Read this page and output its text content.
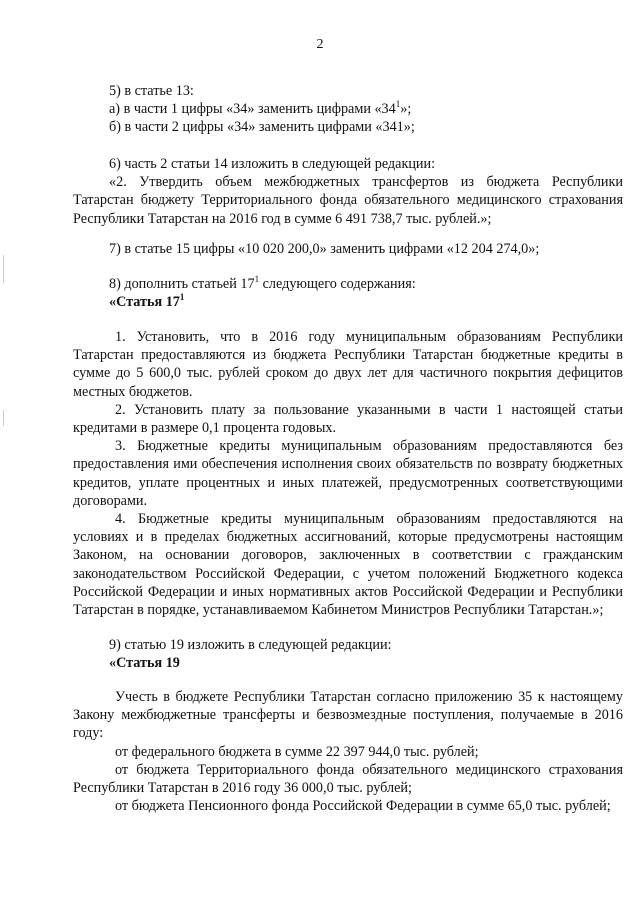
2

5) в статье 13:

а) в части 1 цифры «34» заменить цифрами «$34^1$»;

б) в части 2 цифры «34» заменить цифрами «341»;

6) часть 2 статьи 14 изложить в следующей редакции:

«2. Утвердить объем межбюджетных трансфертов из бюджета Республики Татарстан бюджету Территориального фонда обязательного медицинского страхования Республики Татарстан на 2016 год в сумме 6 491 738,7 тыс. рублей.»;

7) в статье 15 цифры «10 020 200,0» заменить цифрами «12 204 274,0»;

8) дополнить статьей $17^1$ следующего содержания:

«Статья $17^1$

1. Установить, что в 2016 году муниципальным образованиям Республики Татарстан предоставляются из бюджета Республики Татарстан бюджетные кредиты в сумме до 5 600,0 тыс. рублей сроком до двух лет для частичного покрытия дефицитов местных бюджетов.

2. Установить плату за пользование указанными в части 1 настоящей статьи кредитами в размере 0,1 процента годовых.

3. Бюджетные кредиты муниципальным образованиям предоставляются без предоставления ими обеспечения исполнения своих обязательств по возврату бюджетных кредитов, уплате процентных и иных платежей, предусмотренных соответствующими договорами.

4. Бюджетные кредиты муниципальным образованиям предоставляются на условиях и в пределах бюджетных ассигнований, которые предусмотрены настоящим Законом, на основании договоров, заключенных в соответствии с гражданским законодательством Российской Федерации, с учетом положений Бюджетного кодекса Российской Федерации и иных нормативных актов Российской Федерации и Республики Татарстан в порядке, устанавливаемом Кабинетом Министров Республики Татарстан.»;

9) статью 19 изложить в следующей редакции:

«Статья 19

Учесть в бюджете Республики Татарстан согласно приложению 35 к настоящему Закону межбюджетные трансферты и безвозмездные поступления, получаемые в 2016 году:

от федерального бюджета в сумме 22 397 944,0 тыс. рублей;

от бюджета Территориального фонда обязательного медицинского страхования Республики Татарстан в 2016 году 36 000,0 тыс. рублей;

от бюджета Пенсионного фонда Российской Федерации в сумме 65,0 тыс. рублей;
